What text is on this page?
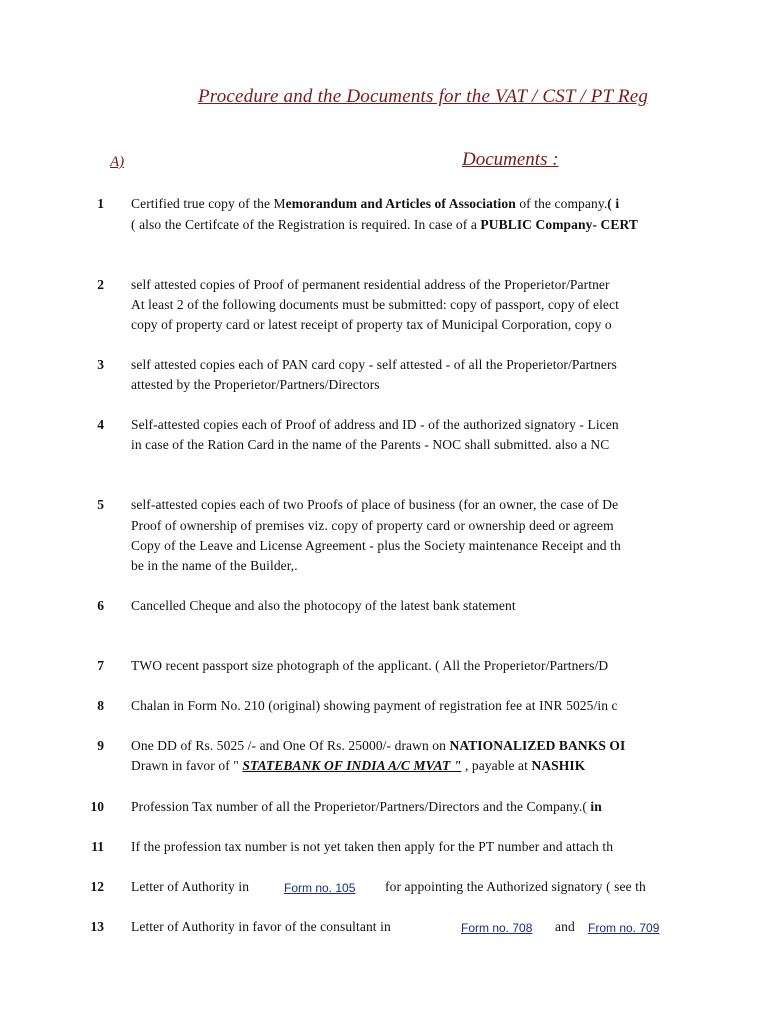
Procedure and the Documents for the VAT / CST / PT Reg
A)	Documents :
1 Certified true copy of the Memorandum and Articles of Association of the company.( i
( also the Certifcate of the Registration is required. In case of a PUBLIC Company- CERT
2 self attested copies of Proof of permanent residential address of the Properietor/Partner
At least 2 of the following documents must be submitted: copy of passport, copy of elect
copy of property card or latest receipt of property tax of Municipal Corporation, copy o
3 self attested copies each of PAN card copy - self attested - of all the Properietor/Partners
attested by the Properietor/Partners/Directors
4 Self-attested copies each of Proof of address and ID - of the authorized signatory - Licen
in case of the Ration Card in the name of the Parents - NOC shall submitted. also a NC
5 self-attested copies each of two Proofs of place of business (for an owner, the case of De
Proof of ownership of premises viz. copy of property card or ownership deed or agreem
Copy of the Leave and License Agreement - plus the Society maintenance Receipt and th
be in the name of the Builder,.
6 Cancelled Cheque and also the photocopy of the latest bank statement
7 TWO recent passport size photograph of the applicant. ( All the Properietor/Partners/D
8 Chalan in Form No. 210 (original) showing payment of registration fee at INR 5025/in c
9 One DD of Rs. 5025 /- and One Of Rs. 25000/- drawn on NATIONALIZED BANKS OI
Drawn in favor of " STATEBANK OF INDIA A/C MVAT " , payable at NASHIK
10 Profession Tax number of all the Properietor/Partners/Directors and the Company.( in
11 If the profession tax number is not yet taken then apply for the PT number and attach th
12 Letter of Authority in	Form no. 105 for appointing the Authorized signatory ( see th
13 Letter of Authority in favor of the consultant in	Form no. 708 and From no. 709
